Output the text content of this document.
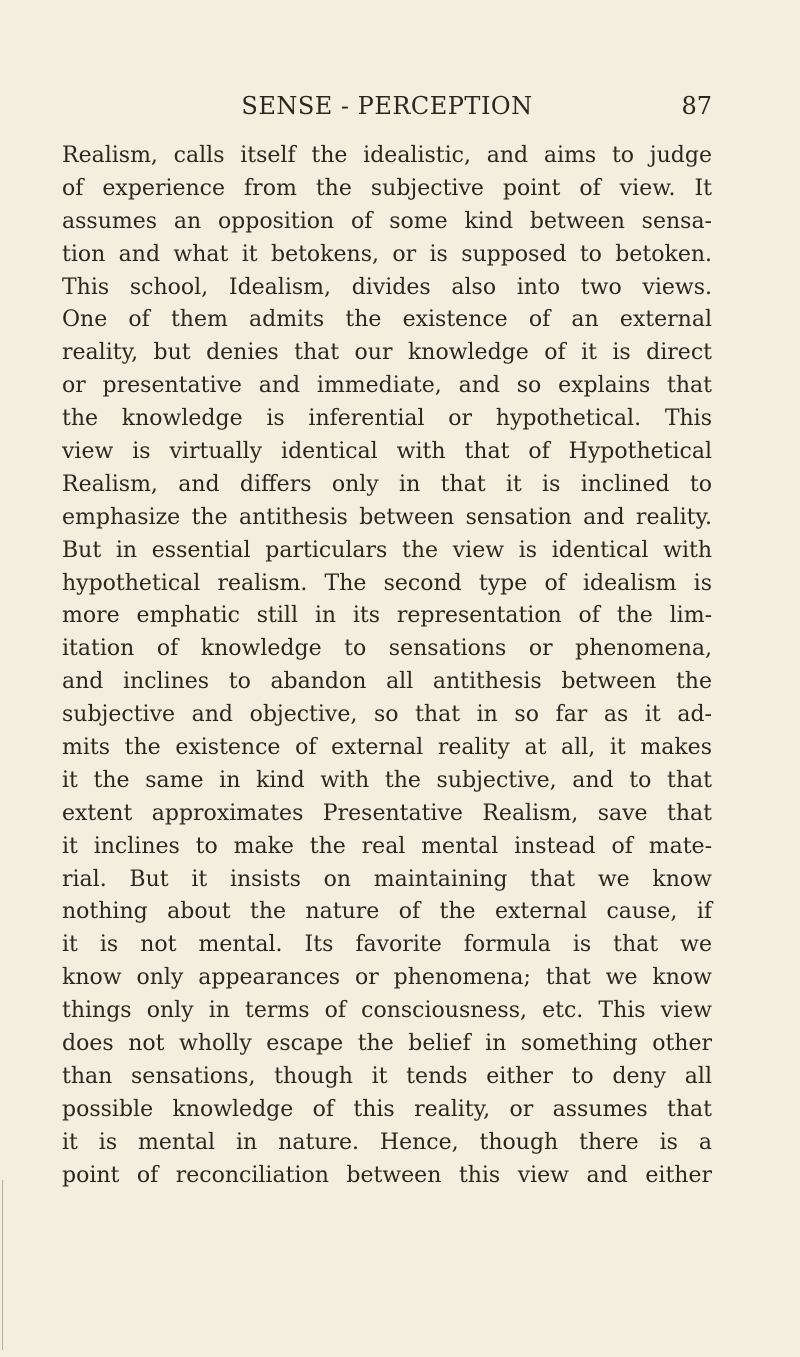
SENSE - PERCEPTION	87
Realism, calls itself the idealistic, and aims to judge
of experience from the subjective point of view. It
assumes an opposition of some kind between sensa-
tion and what it betokens, or is supposed to betoken.
This school, Idealism, divides also into two views.
One of them admits the existence of an external
reality, but denies that our knowledge of it is direct
or presentative and immediate, and so explains that
the knowledge is inferential or hypothetical. This
view is virtually identical with that of Hypothetical
Realism, and differs only in that it is inclined to
emphasize the antithesis between sensation and reality.
But in essential particulars the view is identical with
hypothetical realism. The second type of idealism is
more emphatic still in its representation of the lim-
itation of knowledge to sensations or phenomena,
and inclines to abandon all antithesis between the
subjective and objective, so that in so far as it ad-
mits the existence of external reality at all, it makes
it the same in kind with the subjective, and to that
extent approximates Presentative Realism, save that
it inclines to make the real mental instead of mate-
rial. But it insists on maintaining that we know
nothing about the nature of the external cause, if
it is not mental. Its favorite formula is that we
know only appearances or phenomena; that we know
things only in terms of consciousness, etc. This view
does not wholly escape the belief in something other
than sensations, though it tends either to deny all
possible knowledge of this reality, or assumes that
it is mental in nature. Hence, though there is a
point of reconciliation between this view and either
